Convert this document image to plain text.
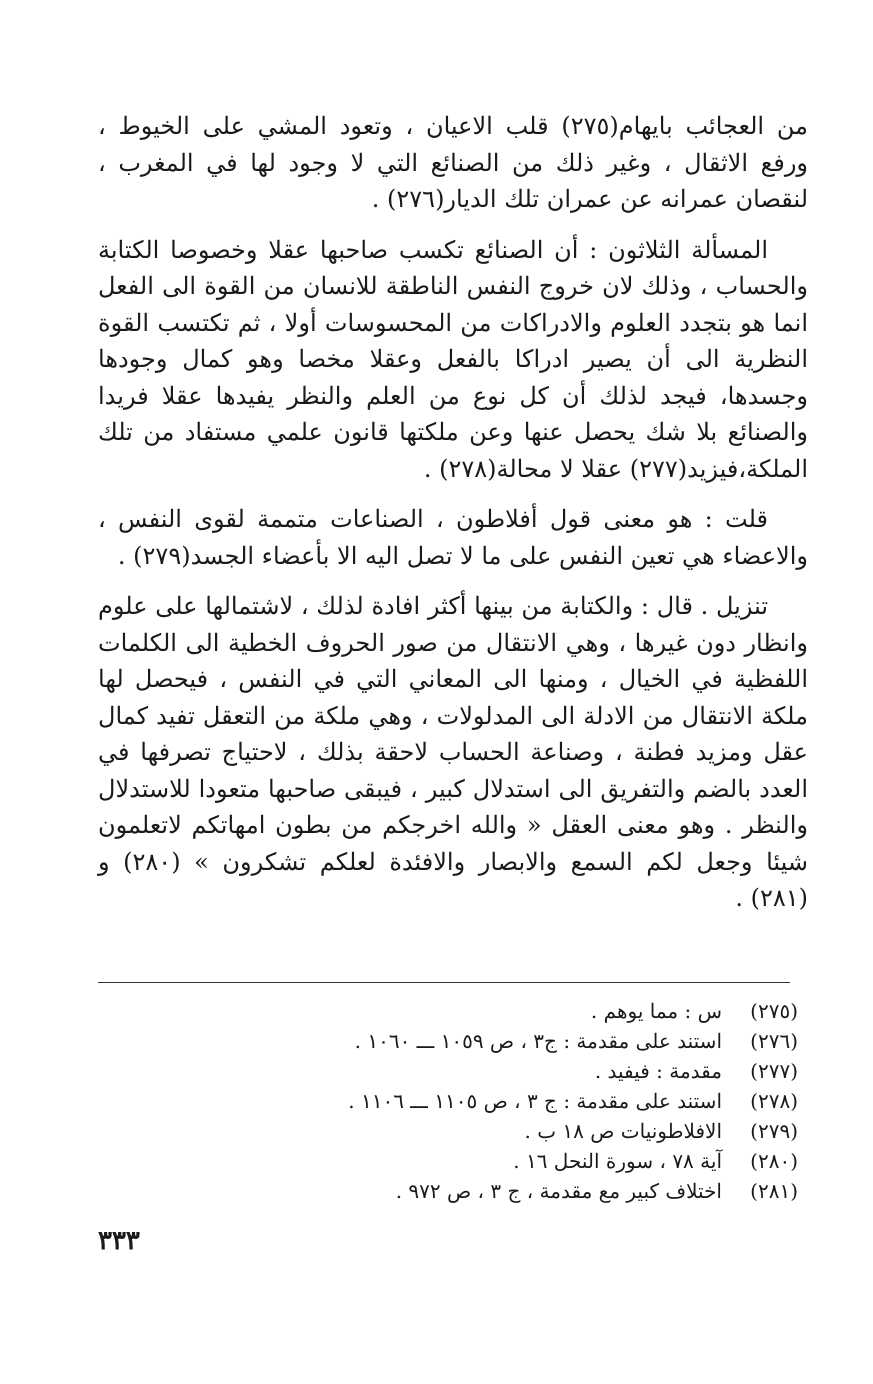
من العجائب بايهام(٢٧٥) قلب الاعيان ، وتعود المشي على الخيوط ، ورفع الاثقال ، وغير ذلك من الصنائع التي لا وجود لها في المغرب ، لنقصان عمرانه عن عمران تلك الديار(٢٧٦) .

المسألة الثلاثون : أن الصنائع تكسب صاحبها عقلا وخصوصا الكتابة والحساب ، وذلك لان خروج النفس الناطقة للانسان من القوة الى الفعل انما هو بتجدد العلوم والادراكات من المحسوسات أولا ، ثم تكتسب القوة النظرية الى أن يصير ادراكا بالفعل وعقلا مخصا وهو كمال وجودها وجسدها، فيجد لذلك أن كل نوع من العلم والنظر يفيدها عقلا فريدا والصنائع بلا شك يحصل عنها وعن ملكتها قانون علمي مستفاد من تلك الملكة،فيزيد(٢٧٧) عقلا لا محالة(٢٧٨) .

قلت : هو معنى قول أفلاطون ، الصناعات متممة لقوى النفس ، والاعضاء هي تعين النفس على ما لا تصل اليه الا بأعضاء الجسد(٢٧٩) .

تنزيل . قال : والكتابة من بينها أكثر افادة لذلك ، لاشتمالها على علوم وانظار دون غيرها ، وهي الانتقال من صور الحروف الخطية الى الكلمات اللفظية في الخيال ، ومنها الى المعاني التي في النفس ، فيحصل لها ملكة الانتقال من الادلة الى المدلولات ، وهي ملكة من التعقل تفيد كمال عقل ومزيد فطنة ، وصناعة الحساب لاحقة بذلك ، لاحتياج تصرفها في العدد بالضم والتفريق الى استدلال كبير ، فيبقى صاحبها متعودا للاستدلال والنظر . وهو معنى العقل « والله اخرجكم من بطون امهاتكم لاتعلمون شيئا وجعل لكم السمع والابصار والافئدة لعلكم تشكرون » (٢٨٠) و (٢٨١) .

(٢٧٥)
س : مما يوهم .
(٢٧٦)
استند على مقدمة : ج٣ ، ص ١٠٥٩ ـــ ١٠٦٠ .
(٢٧٧)
مقدمة : فيفيد .
(٢٧٨)
استند على مقدمة : ج ٣ ، ص ١١٠٥ ـــ ١١٠٦ .
(٢٧٩)
الافلاطونيات ص ١٨ ب .
(٢٨٠)
آية ٧٨ ، سورة النحل ١٦ .
(٢٨١)
اختلاف كبير مع مقدمة ، ج ٣ ، ص ٩٧٢ .
٣٣٣
